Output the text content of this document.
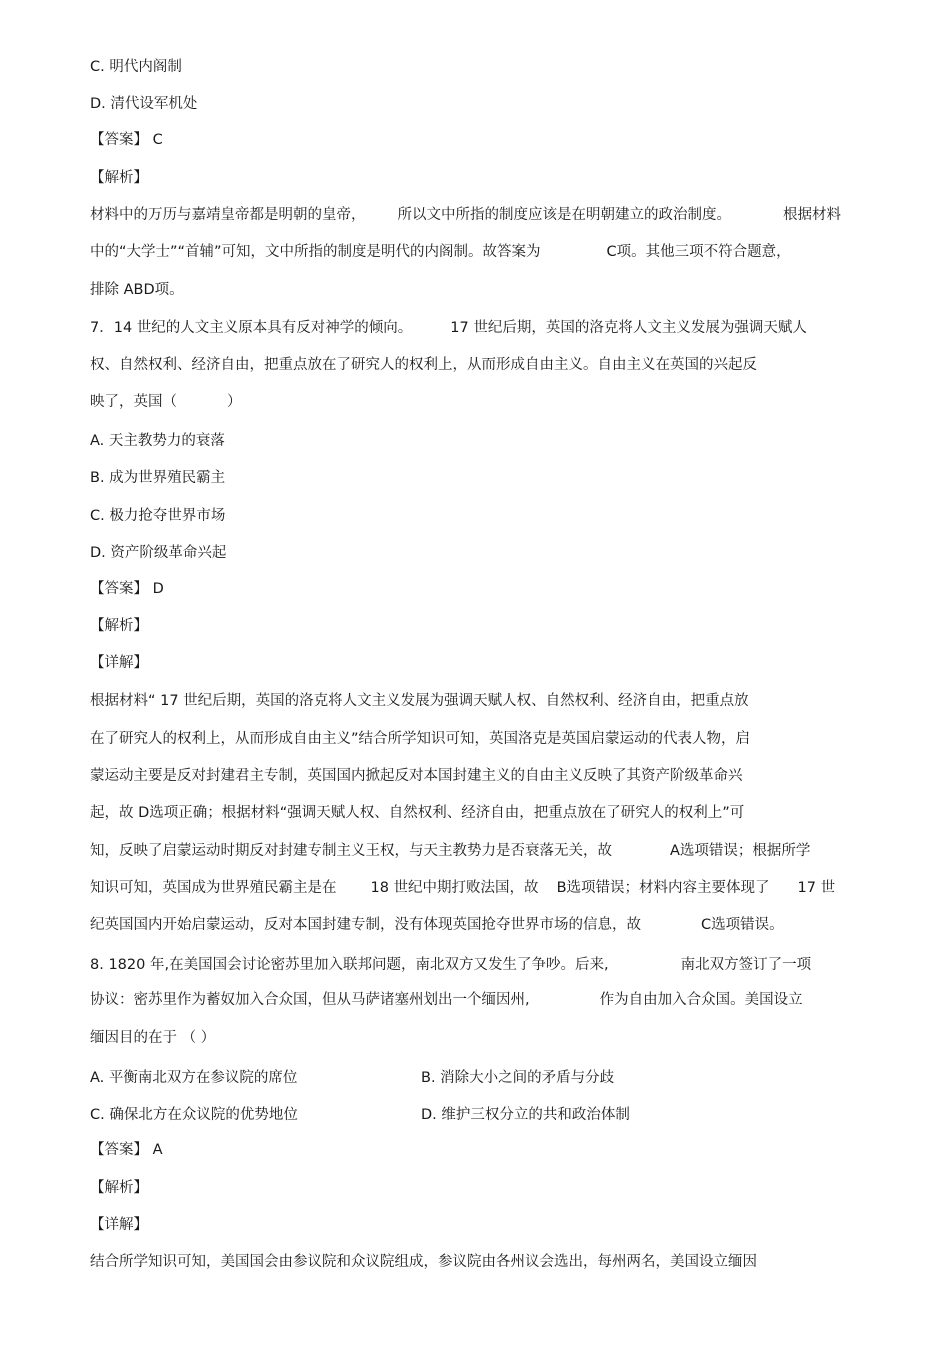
C. 明代内阁制
D. 清代设军机处
【答案】 C
【解析】
材料中的万历与嘉靖皇帝都是明朝的皇帝， 所以文中所指的制度应该是在明朝建立的政治制度。	根据材料
中的“大学士”“首辅”可知，文中所指的制度是明代的内阁制。故答案为	C项。其他三项不符合题意，
排除 ABD项。
7．14 世纪的人文主义原本具有反对神学的倾向。	17 世纪后期，英国的洛克将人文主义发展为强调天赋人
权、自然权利、经济自由，把重点放在了研究人的权利上，从而形成自由主义。自由主义在英国的兴起反
映了，英国（	）
A. 天主教势力的衰落
B. 成为世界殖民霸主
C. 极力抢夺世界市场
D. 资产阶级革命兴起
【答案】 D
【解析】
【详解】
根据材料“ 17 世纪后期，英国的洛克将人文主义发展为强调天赋人权、自然权利、经济自由，把重点放
在了研究人的权利上，从而形成自由主义”结合所学知识可知，英国洛克是英国启蒙运动的代表人物，启
蒙运动主要是反对封建君主专制，英国国内掀起反对本国封建主义的自由主义反映了其资产阶级革命兴
起，故 D选项正确；根据材料“强调天赋人权、自然权利、经济自由，把重点放在了研究人的权利上”可
知，反映了启蒙运动时期反对封建专制主义王权，与天主教势力是否衰落无关，故	A选项错误；根据所学
知识可知，英国成为世界殖民霸主是在 18 世纪中期打败法国，故 B选项错误；材料内容主要体现了 17 世
纪英国国内开始启蒙运动，反对本国封建专制，没有体现英国抢夺世界市场的信息，故	C选项错误。
8. 1820 年,在美国国会讨论密苏里加入联邦问题，南北双方又发生了争吵。后来,	南北双方签订了一项
协议：密苏里作为蓄奴加入合众国，但从马萨诸塞州划出一个缅因州,	作为自由加入合众国。美国设立
缅因目的在于 （ ）
A. 平衡南北双方在参议院的席位	B. 消除大小之间的矛盾与分歧
C. 确保北方在众议院的优势地位	D. 维护三权分立的共和政治体制
【答案】 A
【解析】
【详解】
结合所学知识可知，美国国会由参议院和众议院组成，参议院由各州议会选出，每州两名，美国设立缅因
